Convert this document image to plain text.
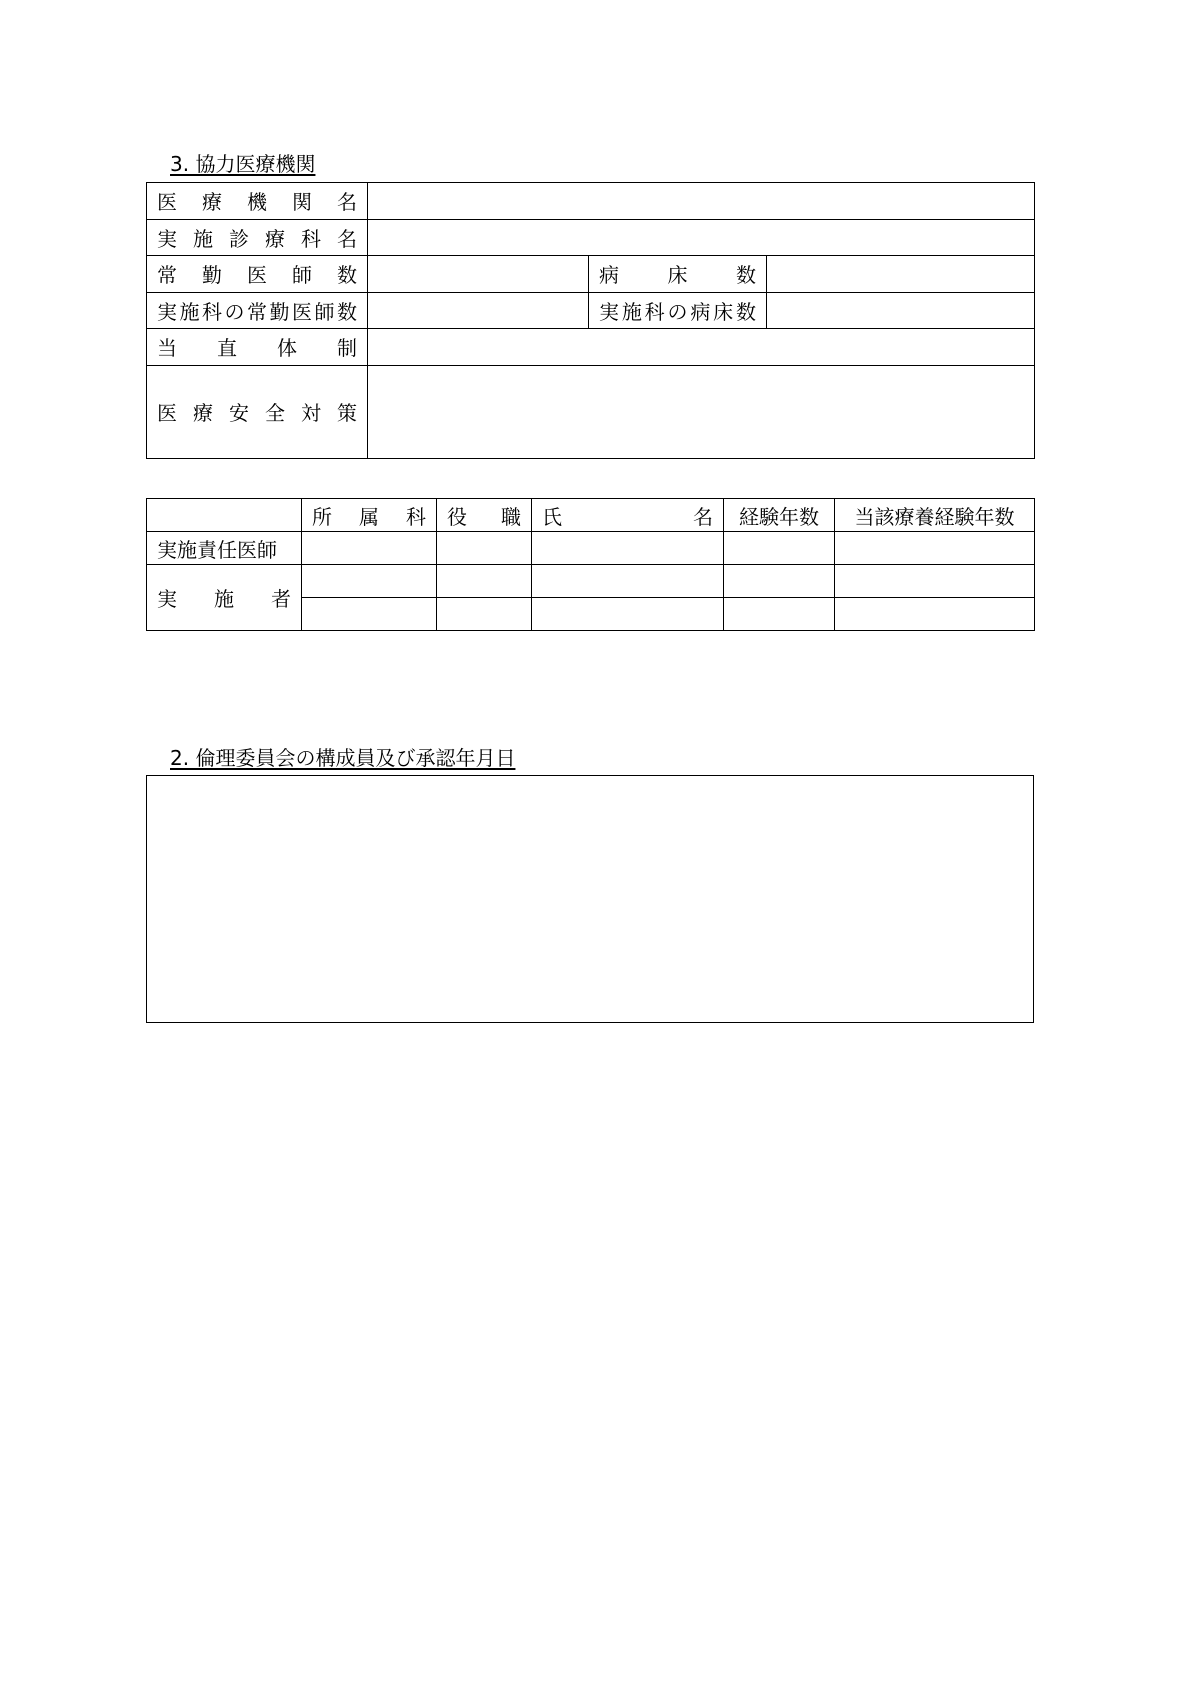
3. 協力医療機関
医 療 機 関 名			
実 施 診 療 科 名			
常 勤 医 師 数		病 床 数	
実施科の常勤医師数		実施科の病床数	
当 直 体 制			
医 療 安 全 対 策			
	所 属 科	役 職	氏 名	経験年数	当該療養経験年数
実施責任医師					
実 施 者					

2. 倫理委員会の構成員及び承認年月日
